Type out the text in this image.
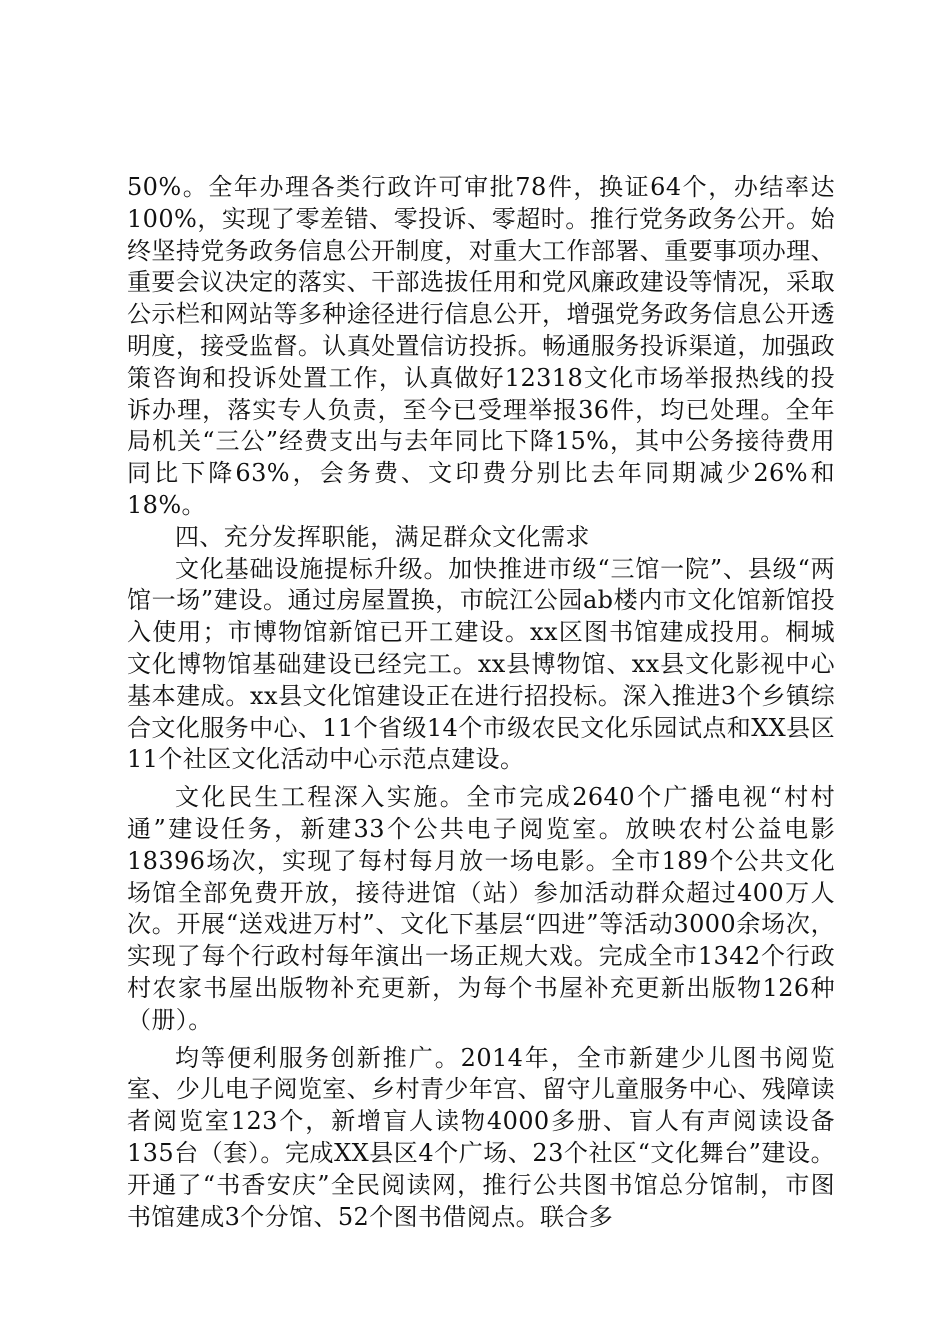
50%。全年办理各类行政许可审批78件，换证64个，办结率达100%，实现了零差错、零投诉、零超时。推行党务政务公开。始终坚持党务政务信息公开制度，对重大工作部署、重要事项办理、重要会议决定的落实、干部选拔任用和党风廉政建设等情况，采取公示栏和网站等多种途径进行信息公开，增强党务政务信息公开透明度，接受监督。认真处置信访投拆。畅通服务投诉渠道，加强政策咨询和投诉处置工作，认真做好12318文化市场举报热线的投诉办理，落实专人负责，至今已受理举报36件，均已处理。全年局机关“三公”经费支出与去年同比下降15%，其中公务接待费用同比下降63%，会务费、文印费分别比去年同期减少26%和18%。

四、充分发挥职能，满足群众文化需求

文化基础设施提标升级。加快推进市级“三馆一院”、县级“两馆一场”建设。通过房屋置换，市皖江公园ab楼内市文化馆新馆投入使用；市博物馆新馆已开工建设。xx区图书馆建成投用。桐城文化博物馆基础建设已经完工。xx县博物馆、xx县文化影视中心基本建成。xx县文化馆建设正在进行招投标。深入推进3个乡镇综合文化服务中心、11个省级14个市级农民文化乐园试点和XX县区11个社区文化活动中心示范点建设。

文化民生工程深入实施。全市完成2640个广播电视“村村通”建设任务，新建33个公共电子阅览室。放映农村公益电影18396场次，实现了每村每月放一场电影。全市189个公共文化场馆全部免费开放，接待进馆（站）参加活动群众超过400万人次。开展“送戏进万村”、文化下基层“四进”等活动3000余场次，实现了每个行政村每年演出一场正规大戏。完成全市1342个行政村农家书屋出版物补充更新，为每个书屋补充更新出版物126种（册）。

均等便利服务创新推广。2014年，全市新建少儿图书阅览室、少儿电子阅览室、乡村青少年宫、留守儿童服务中心、残障读者阅览室123个，新增盲人读物4000多册、盲人有声阅读设备135台（套）。完成XX县区4个广场、23个社区“文化舞台”建设。开通了“书香安庆”全民阅读网，推行公共图书馆总分馆制，市图书馆建成3个分馆、52个图书借阅点。联合多
